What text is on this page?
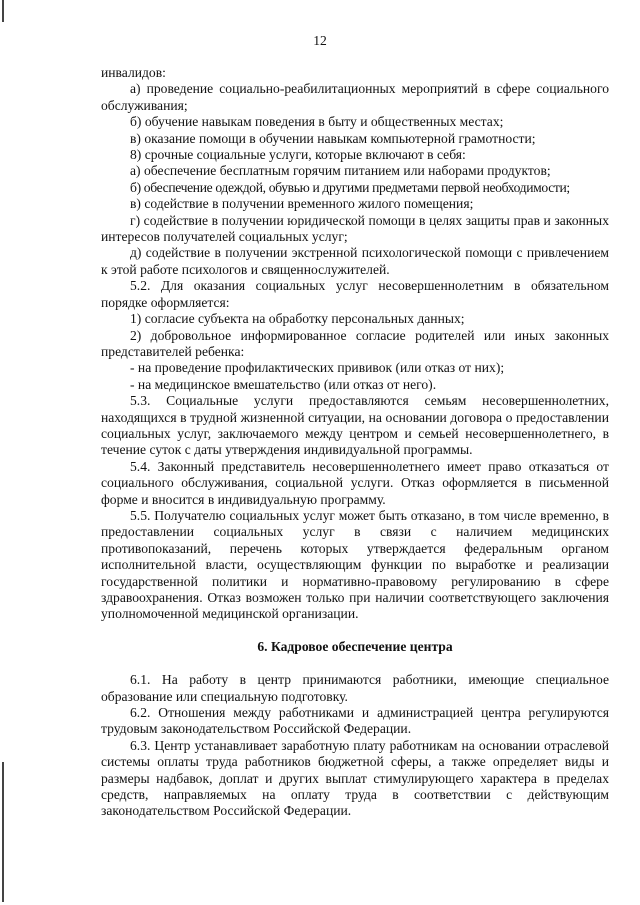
12

инвалидов:

а) проведение социально-реабилитационных мероприятий в сфере социального обслуживания;

б) обучение навыкам поведения в быту и общественных местах;

в) оказание помощи в обучении навыкам компьютерной грамотности;

8) срочные социальные услуги, которые включают в себя:

а) обеспечение бесплатным горячим питанием или наборами продуктов;

б) обеспечение одеждой, обувью и другими предметами первой необходимости;

в) содействие в получении временного жилого помещения;

г) содействие в получении юридической помощи в целях защиты прав и законных интересов получателей социальных услуг;

д) содействие в получении экстренной психологической помощи с привлечением к этой работе психологов и священнослужителей.

5.2. Для оказания социальных услуг несовершеннолетним в обязательном порядке оформляется:

1) согласие субъекта на обработку персональных данных;

2) добровольное информированное согласие родителей или иных законных представителей ребенка:

- на проведение профилактических прививок (или отказ от них);

- на медицинское вмешательство (или отказ от него).

5.3. Социальные услуги предоставляются семьям несовершеннолетних, находящихся в трудной жизненной ситуации, на основании договора о предоставлении социальных услуг, заключаемого между центром и семьей несовершеннолетнего, в течение суток с даты утверждения индивидуальной программы.

5.4. Законный представитель несовершеннолетнего имеет право отказаться от социального обслуживания, социальной услуги. Отказ оформляется в письменной форме и вносится в индивидуальную программу.

5.5. Получателю социальных услуг может быть отказано, в том числе временно, в предоставлении социальных услуг в связи с наличием медицинских противопоказаний, перечень которых утверждается федеральным органом исполнительной власти, осуществляющим функции по выработке и реализации государственной политики и нормативно-правовому регулированию в сфере здравоохранения. Отказ возможен только при наличии соответствующего заключения уполномоченной медицинской организации.

6. Кадровое обеспечение центра

6.1. На работу в центр принимаются работники, имеющие специальное образование или специальную подготовку.

6.2. Отношения между работниками и администрацией центра регулируются трудовым законодательством Российской Федерации.

6.3. Центр устанавливает заработную плату работникам на основании отраслевой системы оплаты труда работников бюджетной сферы, а также определяет виды и размеры надбавок, доплат и других выплат стимулирующего характера в пределах средств, направляемых на оплату труда в соответствии с действующим законодательством Российской Федерации.
